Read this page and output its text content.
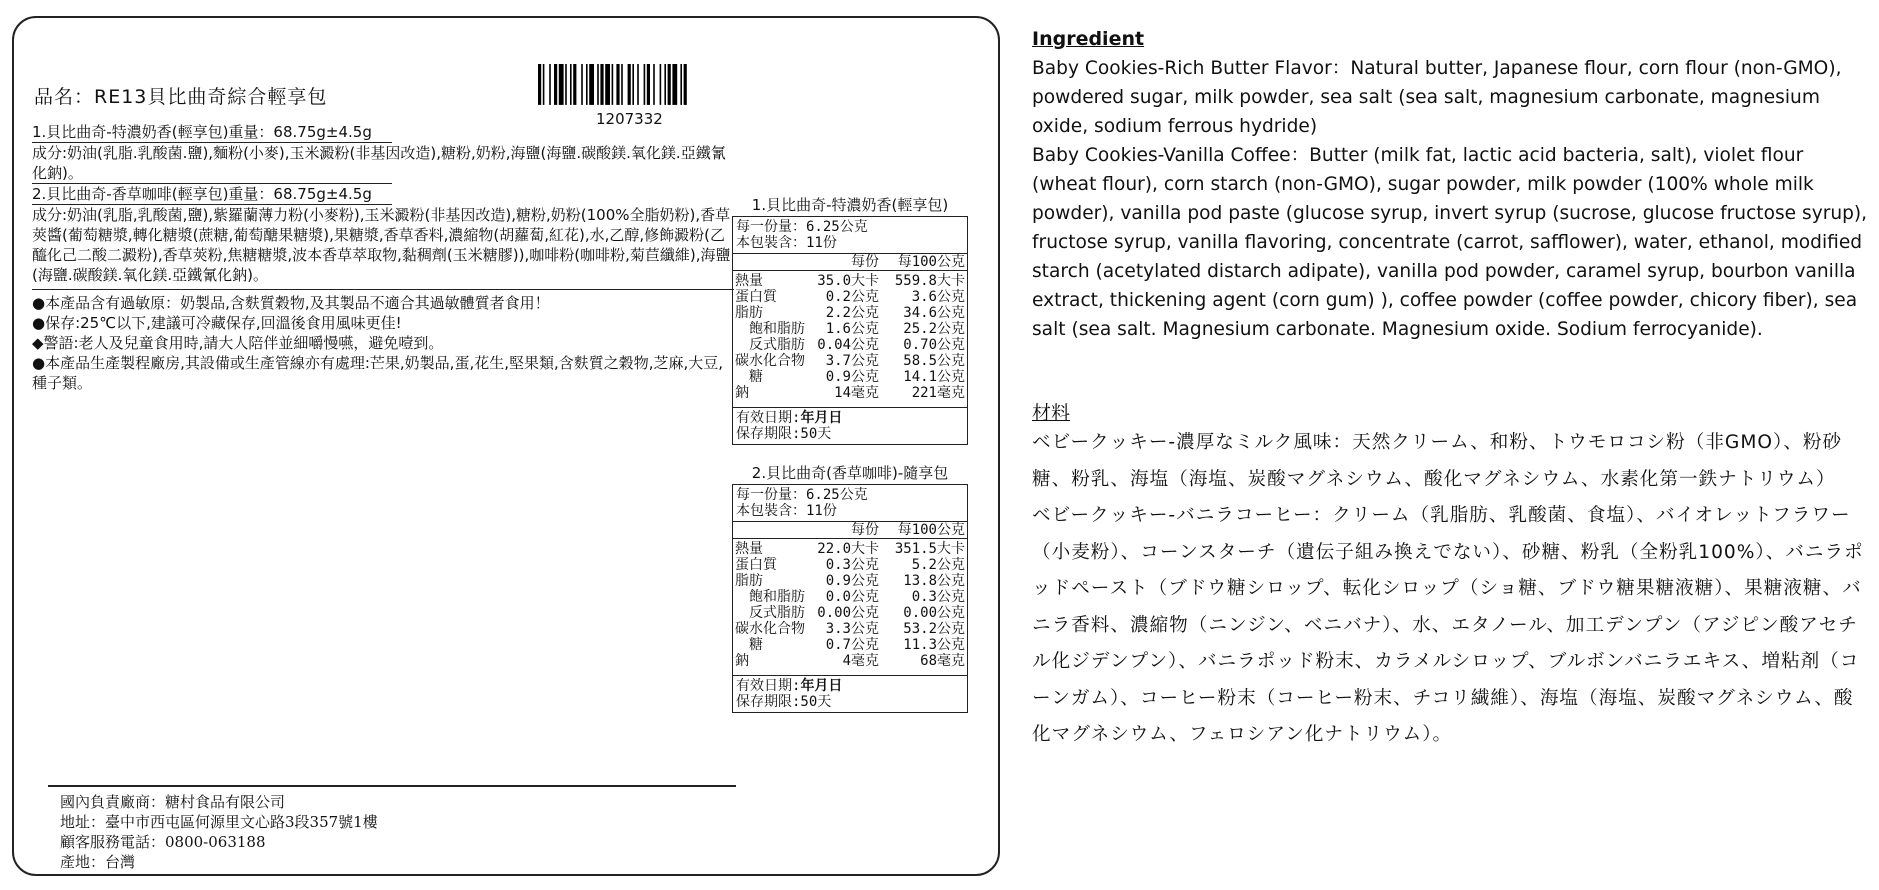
品名：RE13貝比曲奇綜合輕享包
1207332

1.貝比曲奇-特濃奶香(輕享包)重量：68.75g±4.5g

成分:奶油(乳脂.乳酸菌.鹽),麵粉(小麥),玉米澱粉(非基因改造),糖粉,奶粉,海鹽(海鹽.碳酸鎂.氧化鎂.亞鐵氰化鈉)。

2.貝比曲奇-香草咖啡(輕享包)重量：68.75g±4.5g

成分:奶油(乳脂,乳酸菌,鹽),紫羅蘭薄力粉(小麥粉),玉米澱粉(非基因改造),糖粉,奶粉(100%全脂奶粉),香草莢醬(葡萄糖漿,轉化糖漿(蔗糖,葡萄醣果糖漿),果糖漿,香草香料,濃縮物(胡蘿蔔,紅花),水,乙醇,修飾澱粉(乙醯化己二酸二澱粉),香草莢粉,焦糖糖漿,波本香草萃取物,黏稠劑(玉米糖膠)),咖啡粉(咖啡粉,菊苣纖維),海鹽(海鹽.碳酸鎂.氧化鎂.亞鐵氰化鈉)。

●本產品含有過敏原：奶製品,含麩質穀物,及其製品不適合其過敏體質者食用！

●保存:25℃以下,建議可冷藏保存,回溫後食用風味更佳!

◆警語:老人及兒童食用時,請大人陪伴並細嚼慢嚥，避免噎到。

●本產品生產製程廠房,其設備或生產管線亦有處理:芒果,奶製品,蛋,花生,堅果類,含麩質之穀物,芝麻,大豆,種子類。

1.貝比曲奇-特濃奶香(輕享包)
每一份量：6.25公克
本包裝含：11份
每份	每100公克
熱量	35.0大卡	559.8大卡
蛋白質	0.2公克	3.6公克
脂肪	2.2公克	34.6公克
　飽和脂肪	1.6公克	25.2公克
　反式脂肪 0.04公克	0.70公克
碳水化合物	3.7公克	58.5公克
　糖	0.9公克	14.1公克
鈉	14毫克	221毫克
有效日期:年月日
保存期限:50天
2.貝比曲奇(香草咖啡)-隨享包
每一份量：6.25公克
本包裝含：11份
每份	每100公克
熱量	22.0大卡	351.5大卡
蛋白質	0.3公克	5.2公克
脂肪	0.9公克	13.8公克
　飽和脂肪	0.0公克	0.3公克
　反式脂肪 0.00公克	0.00公克
碳水化合物	3.3公克	53.2公克
　糖	0.7公克	11.3公克
鈉	4毫克	68毫克
有效日期:年月日
保存期限:50天

國內負責廠商：糖村食品有限公司

地址：臺中市西屯區何源里文心路3段357號1樓

顧客服務電話：0800-063188

產地：台灣

Ingredient

Baby Cookies-Rich Butter Flavor：Natural butter, Japanese flour, corn flour (non-GMO), powdered sugar, milk powder, sea salt (sea salt, magnesium carbonate, magnesium oxide, sodium ferrous hydride)

Baby Cookies-Vanilla Coffee：Butter (milk fat, lactic acid bacteria, salt), violet flour (wheat flour), corn starch (non-GMO), sugar powder, milk powder (100% whole milk powder), vanilla pod paste (glucose syrup, invert syrup (sucrose, glucose fructose syrup), fructose syrup, vanilla flavoring, concentrate (carrot, safflower), water, ethanol, modified starch (acetylated distarch adipate), vanilla pod powder, caramel syrup, bourbon vanilla extract, thickening agent (corn gum) ), coffee powder (coffee powder, chicory fiber), sea salt (sea salt. Magnesium carbonate. Magnesium oxide. Sodium ferrocyanide).

材料

ベビークッキー-濃厚なミルク風味：天然クリーム、和粉、トウモロコシ粉（非GMO）、粉砂糖、粉乳、海塩（海塩、炭酸マグネシウム、酸化マグネシウム、水素化第一鉄ナトリウム）

ベビークッキー-バニラコーヒー：クリーム（乳脂肪、乳酸菌、食塩）、バイオレットフラワー（小麦粉）、コーンスターチ（遺伝子組み換えでない）、砂糖、粉乳（全粉乳100%）、バニラポッドペースト（ブドウ糖シロップ、転化シロップ（ショ糖、ブドウ糖果糖液糖）、果糖液糖、バニラ香料、濃縮物（ニンジン、ベニバナ）、水、エタノール、加工デンプン（アジピン酸アセチル化ジデンプン）、バニラポッド粉末、カラメルシロップ、ブルボンバニラエキス、増粘剤（コーンガム）、コーヒー粉末（コーヒー粉末、チコリ繊維）、海塩（海塩、炭酸マグネシウム、酸化マグネシウム、フェロシアン化ナトリウム）。
